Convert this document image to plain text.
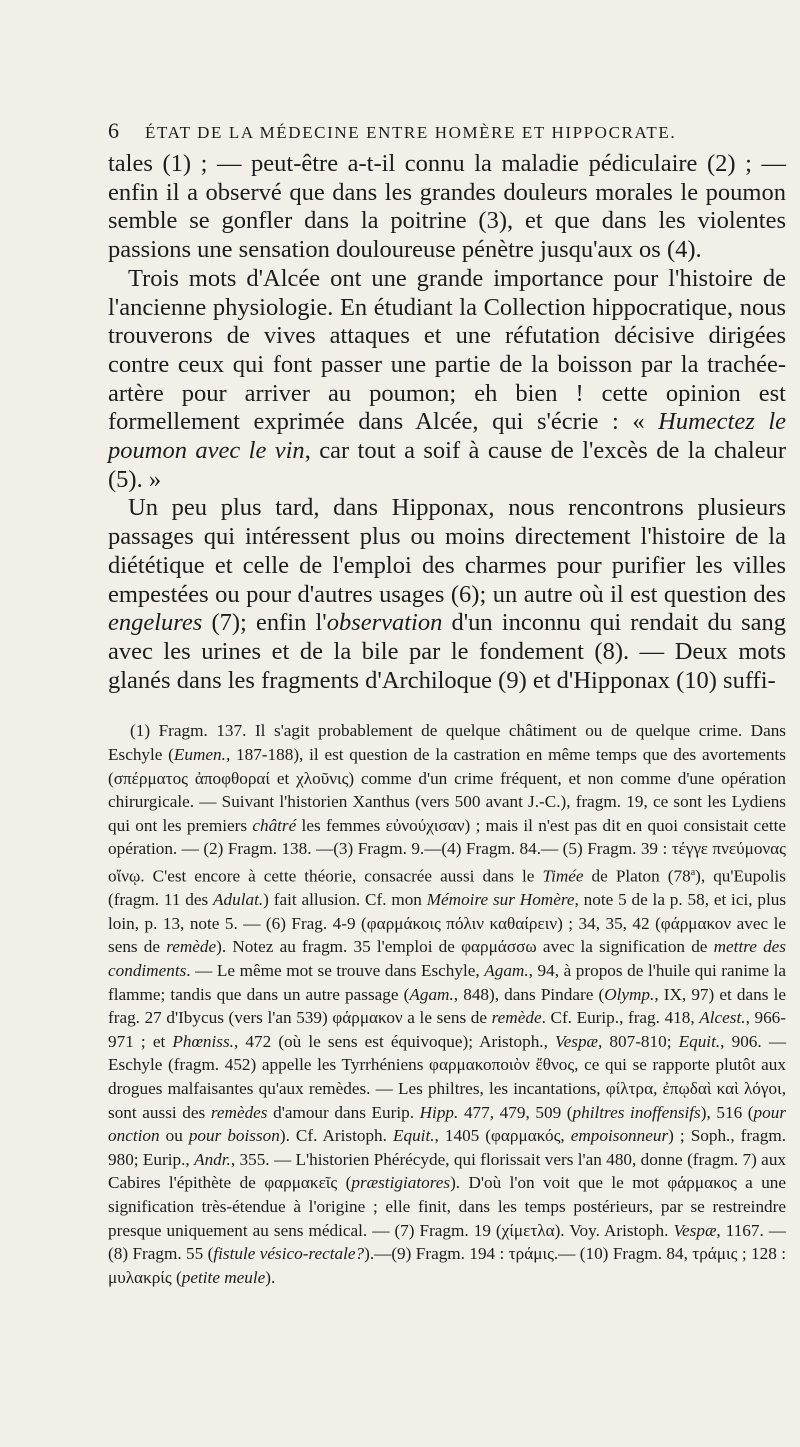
6 ÉTAT DE LA MÉDECINE ENTRE HOMÈRE ET HIPPOCRATE.

tales (1) ; — peut-être a-t-il connu la maladie pédiculaire (2) ; — enfin il a observé que dans les grandes douleurs morales le poumon semble se gonfler dans la poitrine (3), et que dans les violentes passions une sensation douloureuse pénètre jusqu'aux os (4).

Trois mots d'Alcée ont une grande importance pour l'histoire de l'ancienne physiologie. En étudiant la Collection hippocratique, nous trouverons de vives attaques et une réfutation décisive dirigées contre ceux qui font passer une partie de la boisson par la trachée-artère pour arriver au poumon; eh bien ! cette opinion est formellement exprimée dans Alcée, qui s'écrie : « Humectez le poumon avec le vin, car tout a soif à cause de l'excès de la chaleur (5). »

Un peu plus tard, dans Hipponax, nous rencontrons plusieurs passages qui intéressent plus ou moins directement l'histoire de la diététique et celle de l'emploi des charmes pour purifier les villes empestées ou pour d'autres usages (6); un autre où il est question des engelures (7); enfin l'observation d'un inconnu qui rendait du sang avec les urines et de la bile par le fondement (8). — Deux mots glanés dans les fragments d'Archiloque (9) et d'Hipponax (10) suffi-

(1) Fragm. 137. Il s'agit probablement de quelque châtiment ou de quelque crime. Dans Eschyle (Eumen., 187-188), il est question de la castration en même temps que des avortements (σπέρματος ἀποφθοραί et χλοῦνις) comme d'un crime fréquent, et non comme d'une opération chirurgicale. — Suivant l'historien Xanthus (vers 500 avant J.-C.), fragm. 19, ce sont les Lydiens qui ont les premiers châtré les femmes εὐνούχισαν) ; mais il n'est pas dit en quoi consistait cette opération. — (2) Fragm. 138. —(3) Fragm. 9.—(4) Fragm. 84.— (5) Fragm. 39 : τέγγε πνεύμονας οἴνῳ. C'est encore à cette théorie, consacrée aussi dans le Timée de Platon (78$^a$), qu'Eupolis (fragm. 11 des Adulat.) fait allusion. Cf. mon Mémoire sur Homère, note 5 de la p. 58, et ici, plus loin, p. 13, note 5. — (6) Frag. 4-9 (φαρμάκοις πόλιν καθαίρειν) ; 34, 35, 42 (φάρμακον avec le sens de remède). Notez au fragm. 35 l'emploi de φαρμάσσω avec la signification de mettre des condiments. — Le même mot se trouve dans Eschyle, Agam., 94, à propos de l'huile qui ranime la flamme; tandis que dans un autre passage (Agam., 848), dans Pindare (Olymp., IX, 97) et dans le frag. 27 d'Ibycus (vers l'an 539) φάρμακον a le sens de remède. Cf. Eurip., frag. 418, Alcest., 966-971 ; et Phœniss., 472 (où le sens est équivoque); Aristoph., Vespæ, 807-810; Equit., 906. — Eschyle (fragm. 452) appelle les Tyrrhéniens φαρμακοποιὸν ἔθνος, ce qui se rapporte plutôt aux drogues malfaisantes qu'aux remèdes. — Les philtres, les incantations, φίλτρα, ἐπῳδαὶ καὶ λόγοι, sont aussi des remèdes d'amour dans Eurip. Hipp. 477, 479, 509 (philtres inoffensifs), 516 (pour onction ou pour boisson). Cf. Aristoph. Equit., 1405 (φαρμακός, empoisonneur) ; Soph., fragm. 980; Eurip., Andr., 355. — L'historien Phérécyde, qui florissait vers l'an 480, donne (fragm. 7) aux Cabires l'épithète de φαρμακεῖς (præstigiatores). D'où l'on voit que le mot φάρμακος a une signification très-étendue à l'origine ; elle finit, dans les temps postérieurs, par se restreindre presque uniquement au sens médical. — (7) Fragm. 19 (χίμετλα). Voy. Aristoph. Vespæ, 1167. — (8) Fragm. 55 (fistule vésico-rectale?).—(9) Fragm. 194 : τράμις.— (10) Fragm. 84, τράμις ; 128 : μυλακρίς (petite meule).
